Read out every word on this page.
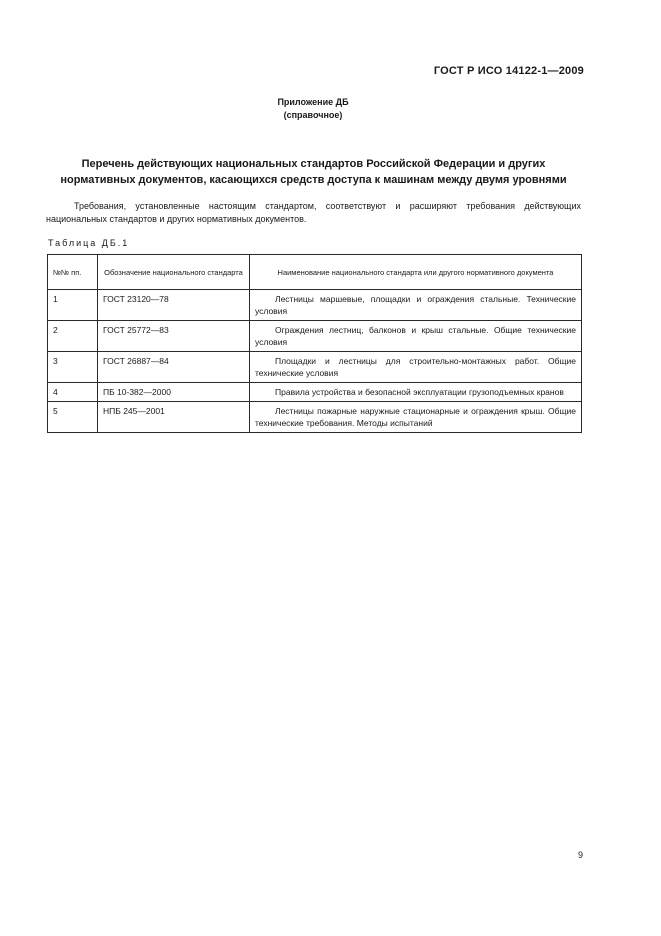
ГОСТ Р ИСО 14122-1—2009
Приложение ДБ
(справочное)
Перечень действующих национальных стандартов Российской Федерации и других
нормативных документов, касающихся средств доступа к машинам между двумя уровнями
Требования, установленные настоящим стандартом, соответствуют и расширяют требования действующих национальных стандартов и других нормативных документов.
Таблица ДБ.1
№№ пп.	Обозначение национального стандарта	Наименование национального стандарта или другого нормативного документа
1	ГОСТ 23120—78	Лестницы маршевые, площадки и ограждения стальные. Технические условия
2	ГОСТ 25772—83	Ограждения лестниц, балконов и крыш стальные. Общие технические условия
3	ГОСТ 26887—84	Площадки и лестницы для строительно-монтажных работ. Общие технические условия
4	ПБ 10-382—2000	Правила устройства и безопасной эксплуатации грузоподъемных кранов
5	НПБ 245—2001	Лестницы пожарные наружные стационарные и ограждения крыш. Общие технические требования. Методы испытаний
9
